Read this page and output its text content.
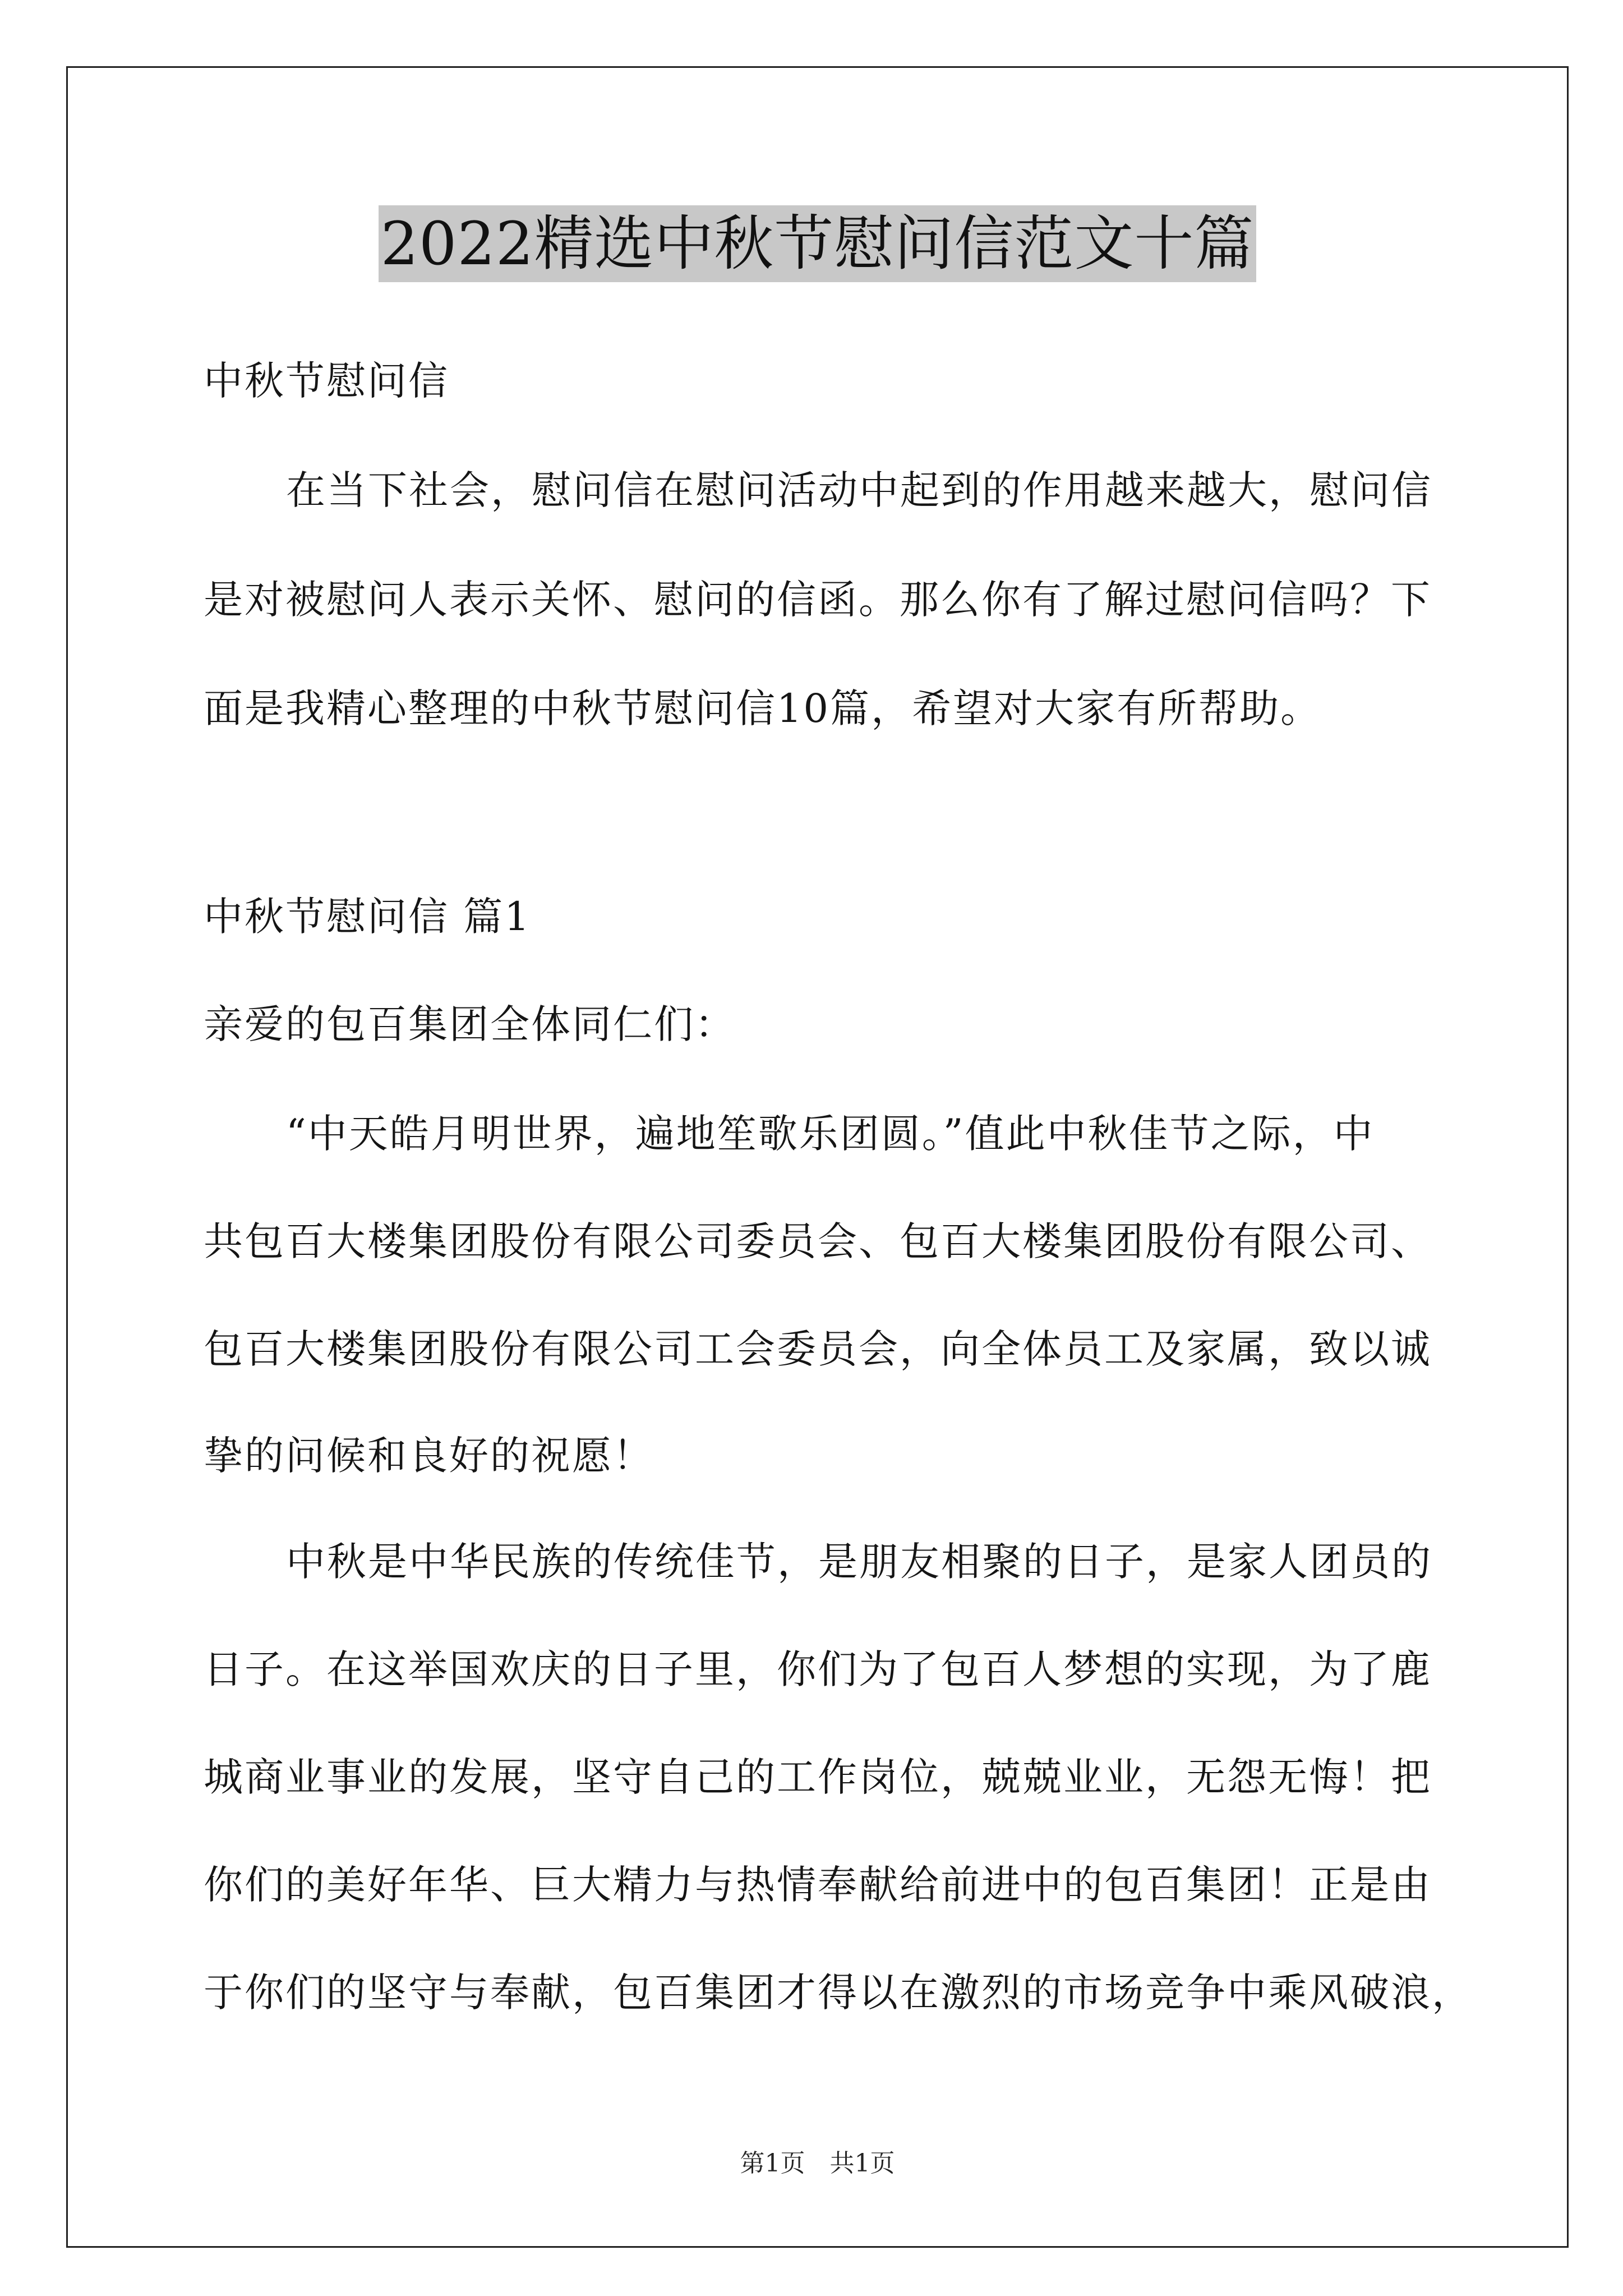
2022精选中秋节慰问信范文十篇
中秋节慰问信
在当下社会，慰问信在慰问活动中起到的作用越来越大，慰问信
是对被慰问人表示关怀、慰问的信函。那么你有了解过慰问信吗？下
面是我精心整理的中秋节慰问信10篇，希望对大家有所帮助。
中秋节慰问信 篇1
亲爱的包百集团全体同仁们：
“中天皓月明世界，遍地笙歌乐团圆。”值此中秋佳节之际，中
共包百大楼集团股份有限公司委员会、包百大楼集团股份有限公司、
包百大楼集团股份有限公司工会委员会，向全体员工及家属，致以诚
挚的问候和良好的祝愿！
中秋是中华民族的传统佳节，是朋友相聚的日子，是家人团员的
日子。在这举国欢庆的日子里，你们为了包百人梦想的实现，为了鹿
城商业事业的发展，坚守自己的工作岗位，兢兢业业，无怨无悔！把
你们的美好年华、巨大精力与热情奉献给前进中的包百集团！正是由
于你们的坚守与奉献，包百集团才得以在激烈的市场竞争中乘风破浪，
第1页　共1页
